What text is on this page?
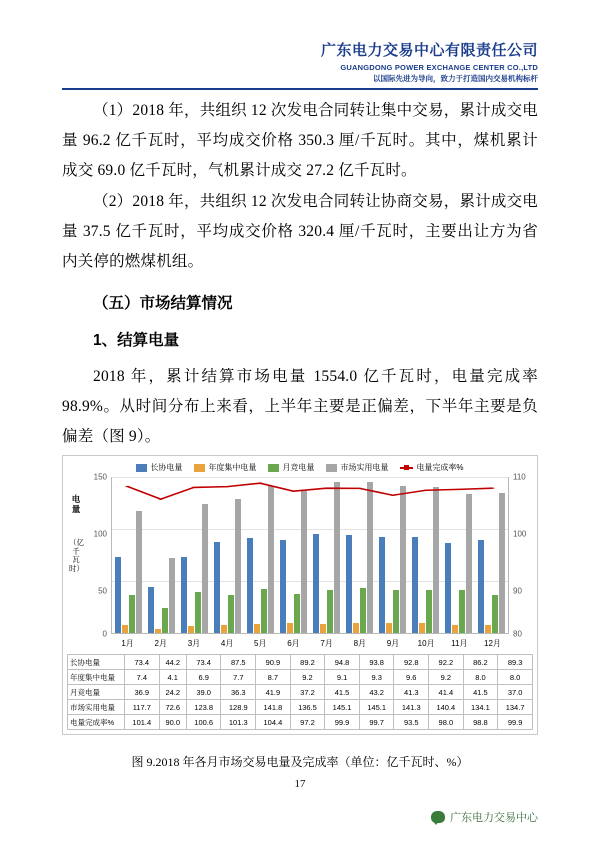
广东电力交易中心有限责任公司
GUANGDONG POWER EXCHANGE CENTER CO.,LTD
以国际先进为导向，致力于打造国内交易机构标杆

（1）2018 年，共组织 12 次发电合同转让集中交易，累计成交电量 96.2 亿千瓦时，平均成交价格 350.3 厘/千瓦时。其中，煤机累计成交 69.0 亿千瓦时，气机累计成交 27.2 亿千瓦时。

（2）2018 年，共组织 12 次发电合同转让协商交易，累计成交电量 37.5 亿千瓦时，平均成交价格 320.4 厘/千瓦时，主要出让方为省内关停的燃煤机组。

（五）市场结算情况
1、结算电量

2018 年，累计结算市场电量 1554.0 亿千瓦时，电量完成率 98.9%。从时间分布上来看，上半年主要是正偏差，下半年主要是负偏差（图 9）。

长协电量	年度集中电量	月竞电量	市场实用电量	电量完成率%
电量
（亿千瓦时）
150
100
50
0
110
100
90
80
1月	2月	3月	4月	5月	6月	7月	8月	9月	10月	11月	12月
长协电量	73.4	44.2	73.4	87.5	90.9	89.2	94.8	93.8	92.8	92.2	86.2	89.3
年度集中电量	7.4	4.1	6.9	7.7	8.7	9.2	9.1	9.3	9.6	9.2	8.0	8.0
月竞电量	36.9	24.2	39.0	36.3	41.9	37.2	41.5	43.2	41.3	41.4	41.5	37.0
市场实用电量	117.7	72.6	123.8	128.9	141.8	136.5	145.1	145.1	141.3	140.4	134.1	134.7
电量完成率%	101.4	90.0	100.6	101.3	104.4	97.2	99.9	99.7	93.5	98.0	98.8	99.9
图 9.2018 年各月市场交易电量及完成率（单位：亿千瓦时、%）
17
广东电力交易中心
